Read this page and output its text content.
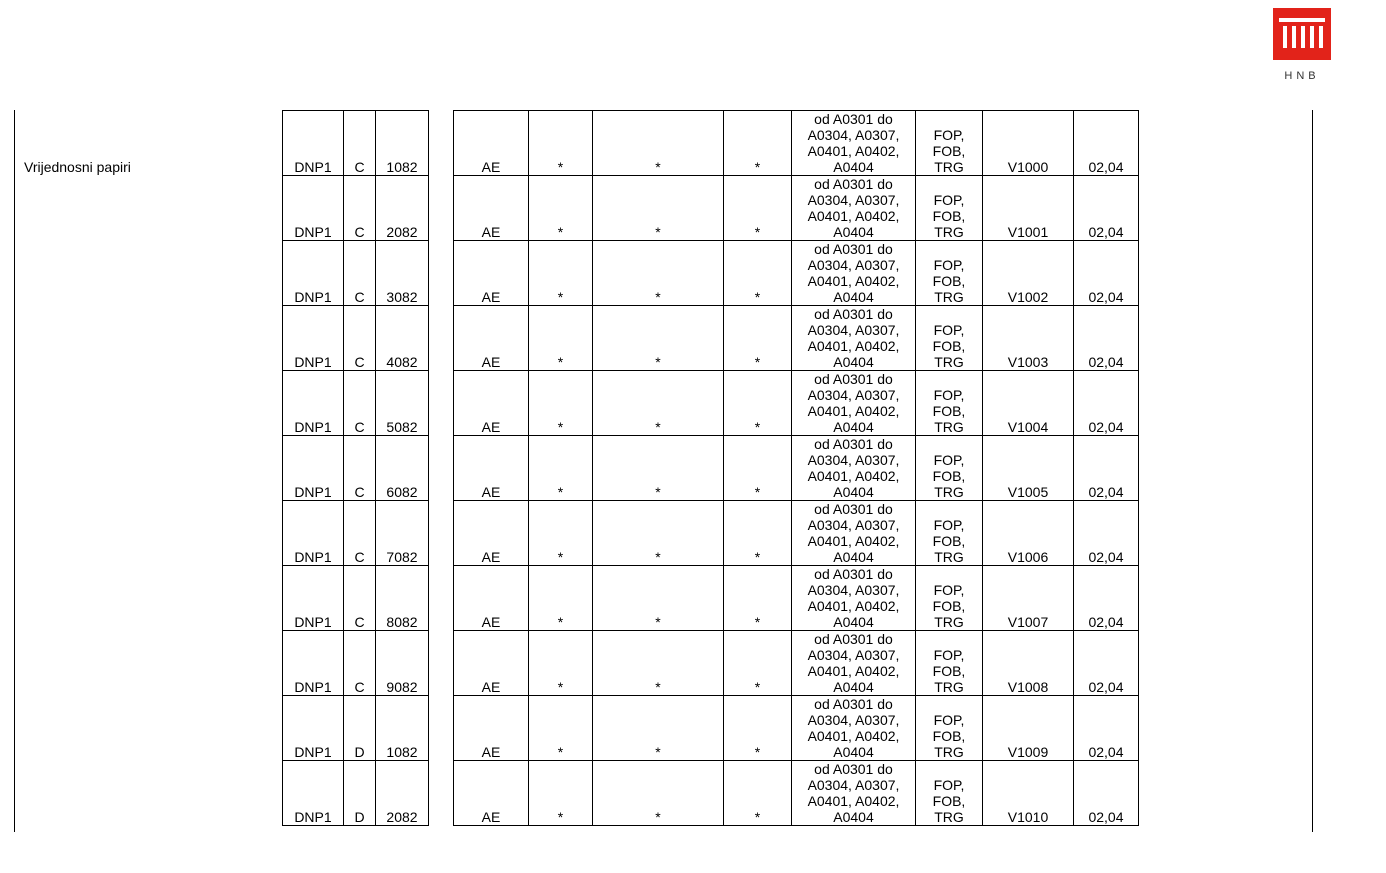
HNB
Vrijednosni papiri	DNP1	C	1082		AE	*	*	*	od A0301 do
A0304, A0307,
A0401, A0402,
A0404	FOP,
FOB,
TRG	V1000	02,04
DNP1	C	2082		AE	*	*	*	od A0301 do
A0304, A0307,
A0401, A0402,
A0404	FOP,
FOB,
TRG	V1001	02,04
DNP1	C	3082		AE	*	*	*	od A0301 do
A0304, A0307,
A0401, A0402,
A0404	FOP,
FOB,
TRG	V1002	02,04
DNP1	C	4082		AE	*	*	*	od A0301 do
A0304, A0307,
A0401, A0402,
A0404	FOP,
FOB,
TRG	V1003	02,04
DNP1	C	5082		AE	*	*	*	od A0301 do
A0304, A0307,
A0401, A0402,
A0404	FOP,
FOB,
TRG	V1004	02,04
DNP1	C	6082		AE	*	*	*	od A0301 do
A0304, A0307,
A0401, A0402,
A0404	FOP,
FOB,
TRG	V1005	02,04
DNP1	C	7082		AE	*	*	*	od A0301 do
A0304, A0307,
A0401, A0402,
A0404	FOP,
FOB,
TRG	V1006	02,04
DNP1	C	8082		AE	*	*	*	od A0301 do
A0304, A0307,
A0401, A0402,
A0404	FOP,
FOB,
TRG	V1007	02,04
DNP1	C	9082		AE	*	*	*	od A0301 do
A0304, A0307,
A0401, A0402,
A0404	FOP,
FOB,
TRG	V1008	02,04
DNP1	D	1082		AE	*	*	*	od A0301 do
A0304, A0307,
A0401, A0402,
A0404	FOP,
FOB,
TRG	V1009	02,04
DNP1	D	2082		AE	*	*	*	od A0301 do
A0304, A0307,
A0401, A0402,
A0404	FOP,
FOB,
TRG	V1010	02,04
